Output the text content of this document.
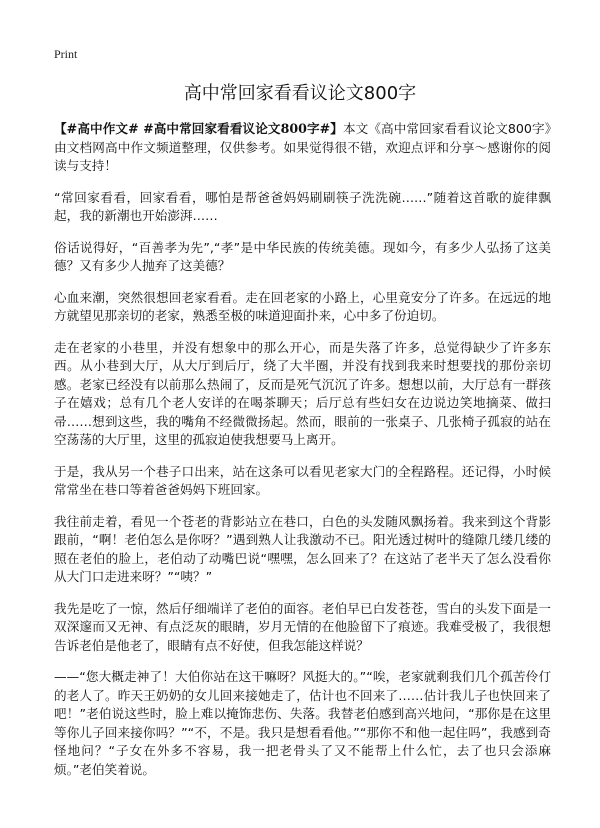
Print
高中常回家看看议论文800字

【#高中作文# #高中常回家看看议论文800字#】本文《高中常回家看看议论文800字》由文档网高中作文频道整理，仅供参考。如果觉得很不错，欢迎点评和分享～感谢你的阅读与支持！

“常回家看看，回家看看，哪怕是帮爸爸妈妈刷刷筷子洗洗碗……”随着这首歌的旋律飘起，我的新潮也开始澎湃……

俗话说得好，“百善孝为先”,“孝”是中华民族的传统美德。现如今，有多少人弘扬了这美德？又有多少人抛弃了这美德？

心血来潮，突然很想回老家看看。走在回老家的小路上，心里竟安分了许多。在远远的地方就望见那亲切的老家，熟悉至极的味道迎面扑来，心中多了份迫切。

走在老家的小巷里，并没有想象中的那么开心，而是失落了许多，总觉得缺少了许多东西。从小巷到大厅，从大厅到后厅，绕了大半圈，并没有找到我来时想要找的那份亲切感。老家已经没有以前那么热闹了，反而是死气沉沉了许多。想想以前，大厅总有一群孩子在嬉戏；总有几个老人安详的在喝茶聊天；后厅总有些妇女在边说边笑地摘菜、做扫帚……想到这些，我的嘴角不经微微扬起。然而，眼前的一张桌子、几张椅子孤寂的站在空荡荡的大厅里，这里的孤寂迫使我想要马上离开。

于是，我从另一个巷子口出来，站在这条可以看见老家大门的全程路程。还记得，小时候常常坐在巷口等着爸爸妈妈下班回家。

我往前走着，看见一个苍老的背影站立在巷口，白色的头发随风飘扬着。我来到这个背影跟前，“啊！老伯怎么是你呀？”遇到熟人让我激动不已。阳光透过树叶的缝隙几缕几缕的照在老伯的脸上，老伯动了动嘴巴说“嘿嘿，怎么回来了？在这站了老半天了怎么没看你从大门口走进来呀？”“咦？”

我先是吃了一惊，然后仔细端详了老伯的面容。老伯早已白发苍苍，雪白的头发下面是一双深邃而又无神、有点泛灰的眼睛，岁月无情的在他脸留下了痕迹。我难受极了，我很想告诉老伯是他老了，眼睛有点不好使，但我怎能这样说？

——“您大概走神了！大伯你站在这干嘛呀？风挺大的。”“唉，老家就剩我们几个孤苦伶仃的老人了。昨天王奶奶的女儿回来接她走了，估计也不回来了……估计我儿子也快回来了吧！”老伯说这些时，脸上难以掩饰悲伤、失落。我替老伯感到高兴地问，“那你是在这里等你儿子回来接你吗？”“不，不是。我只是想看看他。”“那你不和他一起住吗”，我感到奇怪地问？“子女在外多不容易，我一把老骨头了又不能帮上什么忙，去了也只会添麻烦。”老伯笑着说。
